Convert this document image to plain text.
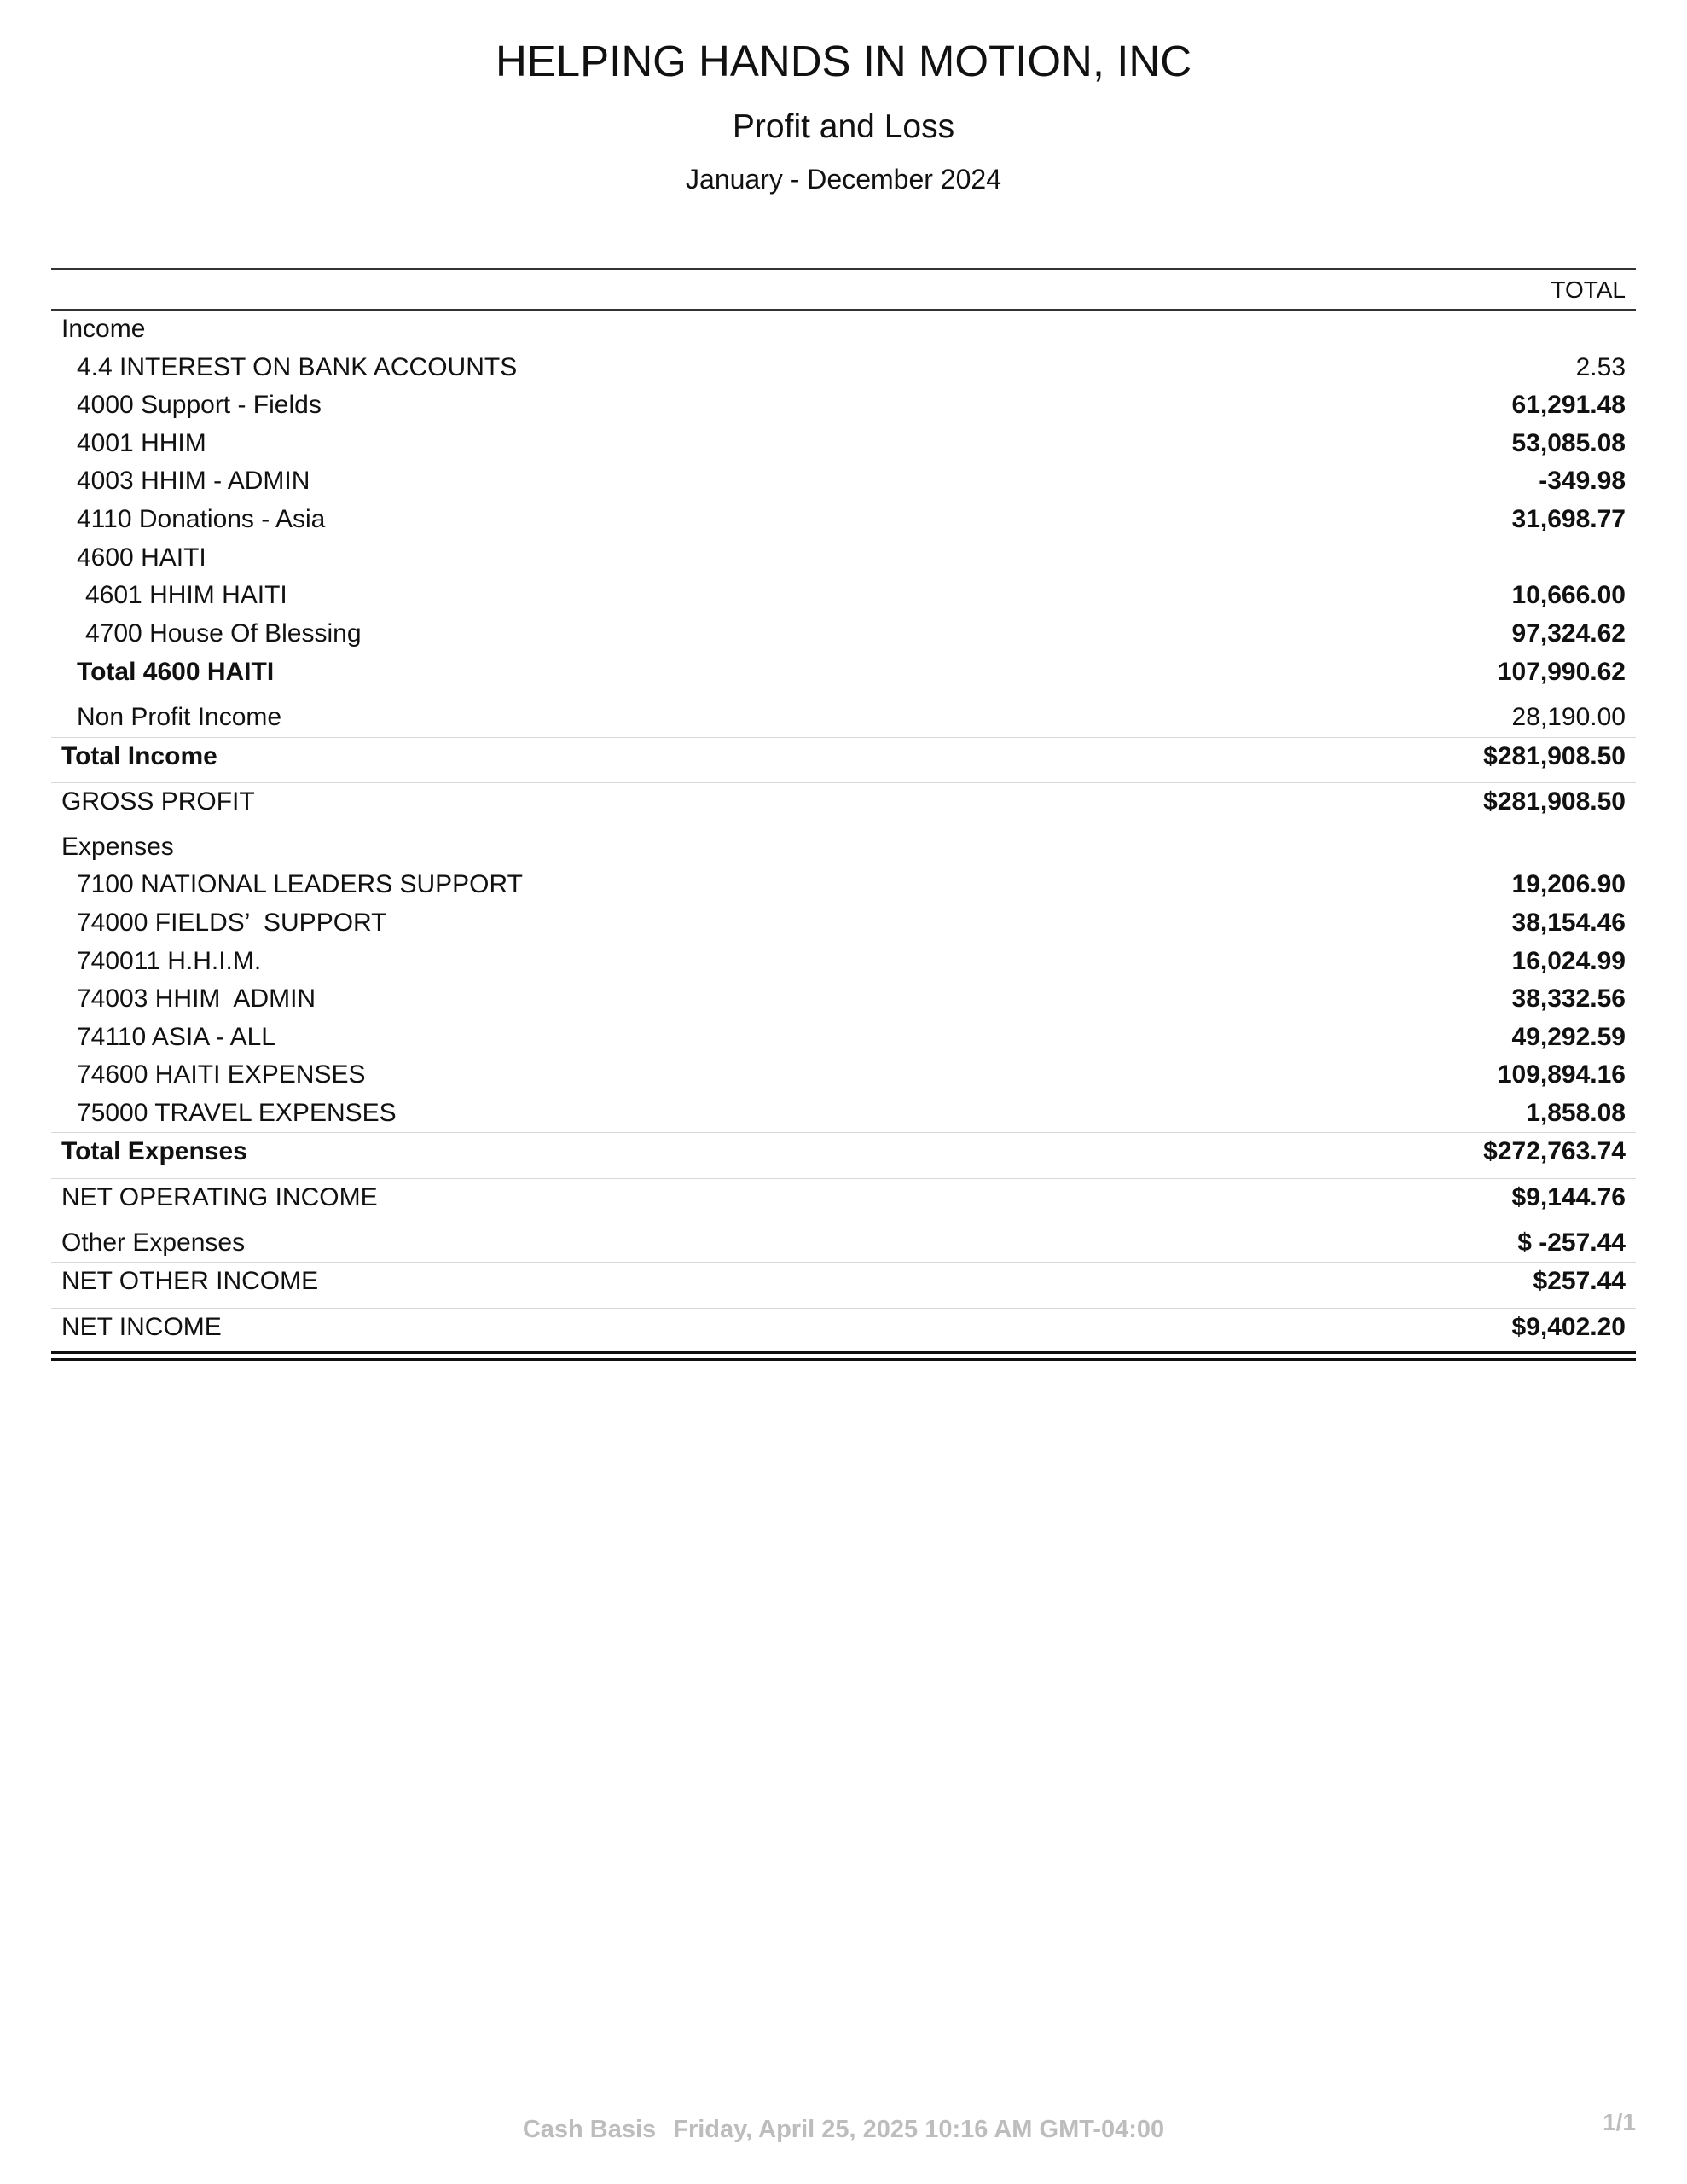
HELPING HANDS IN MOTION, INC
Profit and Loss
January - December 2024
TOTAL
Income
4.4 INTEREST ON BANK ACCOUNTS	2.53
4000 Support - Fields	61,291.48
4001 HHIM	53,085.08
4003 HHIM - ADMIN	-349.98
4110 Donations - Asia	31,698.77
4600 HAITI
4601 HHIM HAITI	10,666.00
4700 House Of Blessing	97,324.62
Total 4600 HAITI	107,990.62
Non Profit Income	28,190.00
Total Income	$281,908.50
GROSS PROFIT	$281,908.50
Expenses
7100 NATIONAL LEADERS SUPPORT	19,206.90
74000 FIELDS’  SUPPORT	38,154.46
740011 H.H.I.M.	16,024.99
74003 HHIM  ADMIN	38,332.56
74110 ASIA - ALL	49,292.59
74600 HAITI EXPENSES	109,894.16
75000 TRAVEL EXPENSES	1,858.08
Total Expenses	$272,763.74
NET OPERATING INCOME	$9,144.76
Other Expenses	$ -257.44
NET OTHER INCOME	$257.44
NET INCOME	$9,402.20
Cash Basis Friday, April 25, 2025 10:16 AM GMT-04:00	1/1
